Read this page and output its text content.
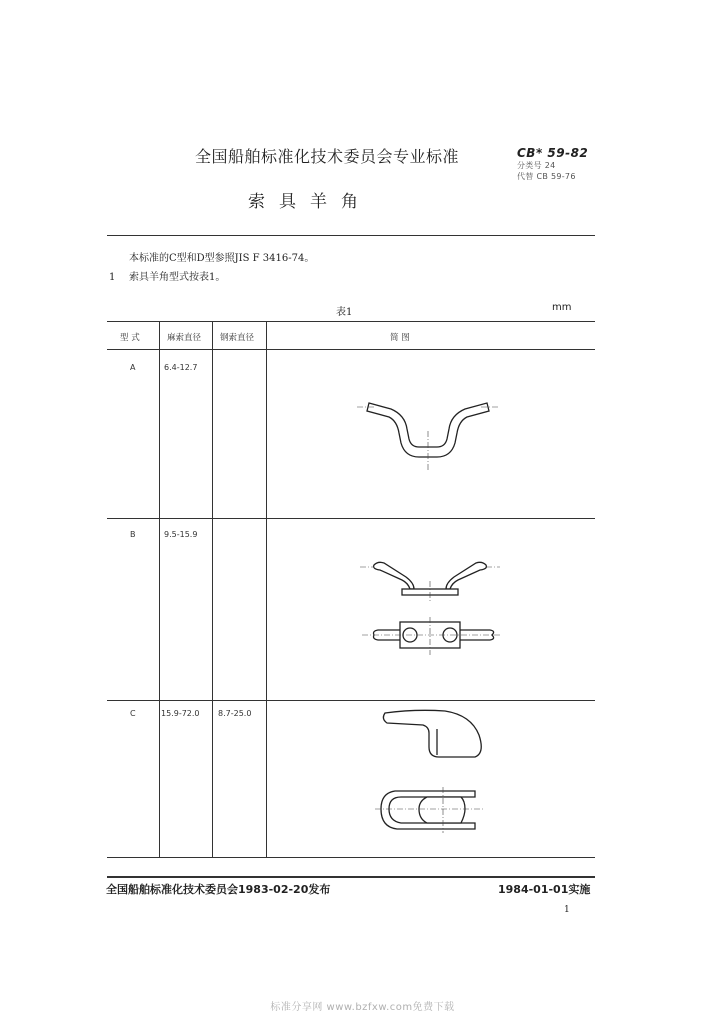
全国船舶标准化技术委员会专业标准
索具羊角
CB* 59-82
分类号 24
代替 CB 59-76
本标准的C型和D型参照JIS F 3416-74。
1 索具羊角型式按表1。
表1	mm
型 式	麻索直径 钢索直径	简 图
A	6.4-12.7
B	9.5-15.9
C	15.9-72.0 8.7-25.0
全国船舶标准化技术委员会1983-02-20发布	1984-01-01实施
1
标准分享网 www.bzfxw.com免费下载
